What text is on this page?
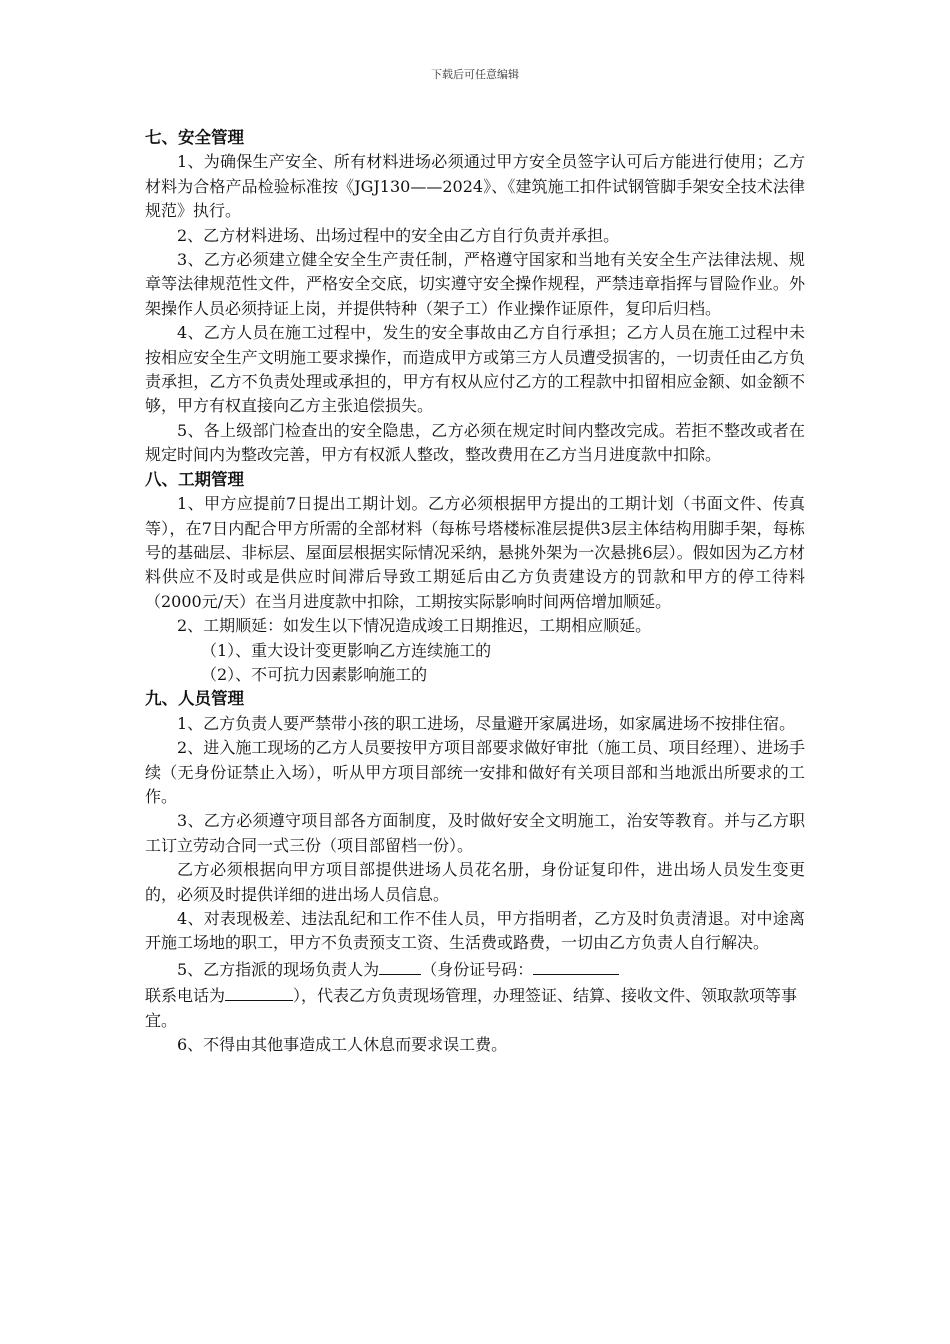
下载后可任意编辑

七、安全管理

1、为确保生产安全、所有材料进场必须通过甲方安全员签字认可后方能进行使用；乙方材料为合格产品检验标准按《JGJ130——2024》、《建筑施工扣件试钢管脚手架安全技术法律规范》执行。

2、乙方材料进场、出场过程中的安全由乙方自行负责并承担。

3、乙方必须建立健全安全生产责任制，严格遵守国家和当地有关安全生产法律法规、规章等法律规范性文件，严格安全交底，切实遵守安全操作规程，严禁违章指挥与冒险作业。外架操作人员必须持证上岗，并提供特种（架子工）作业操作证原件，复印后归档。

4、乙方人员在施工过程中，发生的安全事故由乙方自行承担；乙方人员在施工过程中未按相应安全生产文明施工要求操作，而造成甲方或第三方人员遭受损害的，一切责任由乙方负责承担，乙方不负责处理或承担的，甲方有权从应付乙方的工程款中扣留相应金额、如金额不够，甲方有权直接向乙方主张追偿损失。

5、各上级部门检查出的安全隐患，乙方必须在规定时间内整改完成。若拒不整改或者在规定时间内为整改完善，甲方有权派人整改，整改费用在乙方当月进度款中扣除。

八、工期管理

1、甲方应提前7日提出工期计划。乙方必须根据甲方提出的工期计划（书面文件、传真等），在7日内配合甲方所需的全部材料（每栋号塔楼标准层提供3层主体结构用脚手架，每栋号的基础层、非标层、屋面层根据实际情况采纳，悬挑外架为一次悬挑6层）。假如因为乙方材料供应不及时或是供应时间滞后导致工期延后由乙方负责建设方的罚款和甲方的停工待料（2000元/天）在当月进度款中扣除，工期按实际影响时间两倍增加顺延。

2、工期顺延：如发生以下情况造成竣工日期推迟，工期相应顺延。

（1）、重大设计变更影响乙方连续施工的

（2）、不可抗力因素影响施工的

九、人员管理

1、乙方负责人要严禁带小孩的职工进场，尽量避开家属进场，如家属进场不按排住宿。

2、进入施工现场的乙方人员要按甲方项目部要求做好审批（施工员、项目经理）、进场手续（无身份证禁止入场），听从甲方项目部统一安排和做好有关项目部和当地派出所要求的工作。

3、乙方必须遵守项目部各方面制度，及时做好安全文明施工，治安等教育。并与乙方职工订立劳动合同一式三份（项目部留档一份）。

乙方必须根据向甲方项目部提供进场人员花名册，身份证复印件，进出场人员发生变更的，必须及时提供详细的进出场人员信息。

4、对表现极差、违法乱纪和工作不佳人员，甲方指明者，乙方及时负责清退。对中途离开施工场地的职工，甲方不负责预支工资、生活费或路费，一切由乙方负责人自行解决。

5、乙方指派的现场负责人为	（身份证号码：

联系电话为	），代表乙方负责现场管理，办理签证、结算、接收文件、领取款项等事宜。

6、不得由其他事造成工人休息而要求误工费。
